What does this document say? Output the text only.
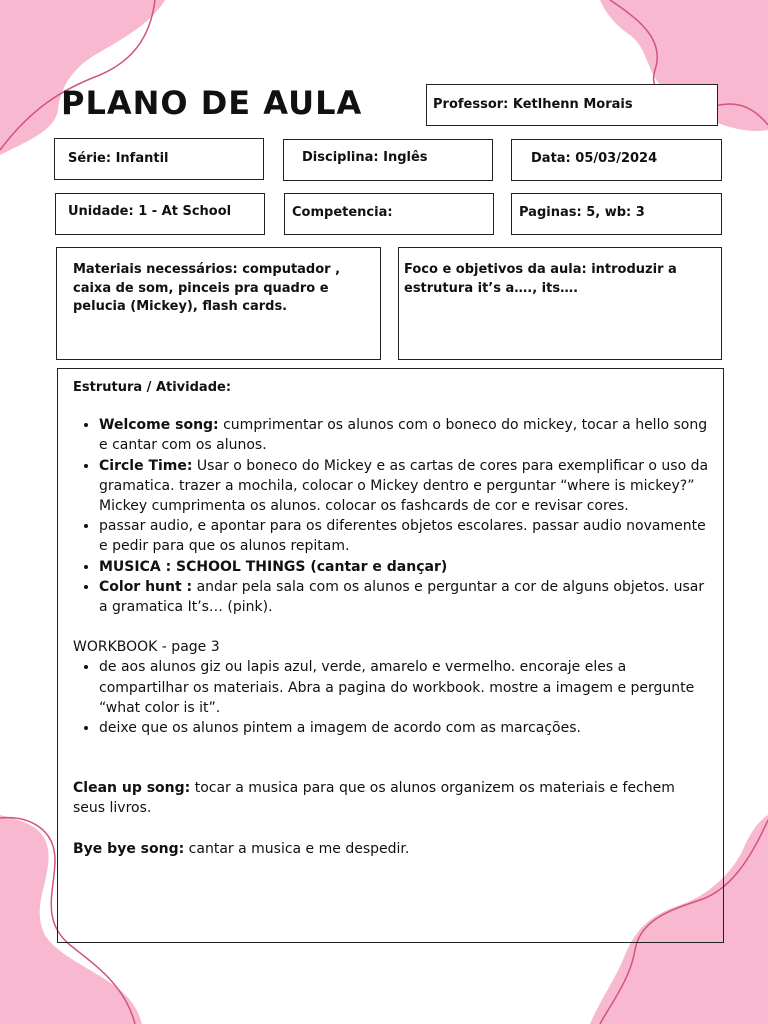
PLANO DE AULA	Professor: Ketlhenn Morais
Série: Infantil	Disciplina: Inglês	Data: 05/03/2024
Unidade: 1 - At School	Competencia:	Paginas: 5, wb: 3
Materiais necessários: computador , caixa de som, pinceis pra quadro e pelucia (Mickey), flash cards.
Foco e objetivos da aula: introduzir a estrutura it’s a…., its….

Estrutura / Atividade:

• Welcome song: cumprimentar os alunos com o boneco do mickey, tocar a hello song e cantar com os alunos.
• Circle Time: Usar o boneco do Mickey e as cartas de cores para exemplificar o uso da gramatica. trazer a mochila, colocar o Mickey dentro e perguntar “where is mickey?” Mickey cumprimenta os alunos. colocar os fashcards de cor e revisar cores.
• passar audio, e apontar para os diferentes objetos escolares. passar audio novamente e pedir para que os alunos repitam.
• MUSICA : SCHOOL THINGS (cantar e dançar)
• Color hunt : andar pela sala com os alunos e perguntar a cor de alguns objetos. usar a gramatica It’s… (pink).

WORKBOOK - page 3

• de aos alunos giz ou lapis azul, verde, amarelo e vermelho. encoraje eles a compartilhar os materiais. Abra a pagina do workbook. mostre a imagem e pergunte “what color is it”.
• deixe que os alunos pintem a imagem de acordo com as marcações.

Clean up song: tocar a musica para que os alunos organizem os materiais e fechem seus livros.

Bye bye song: cantar a musica e me despedir.
